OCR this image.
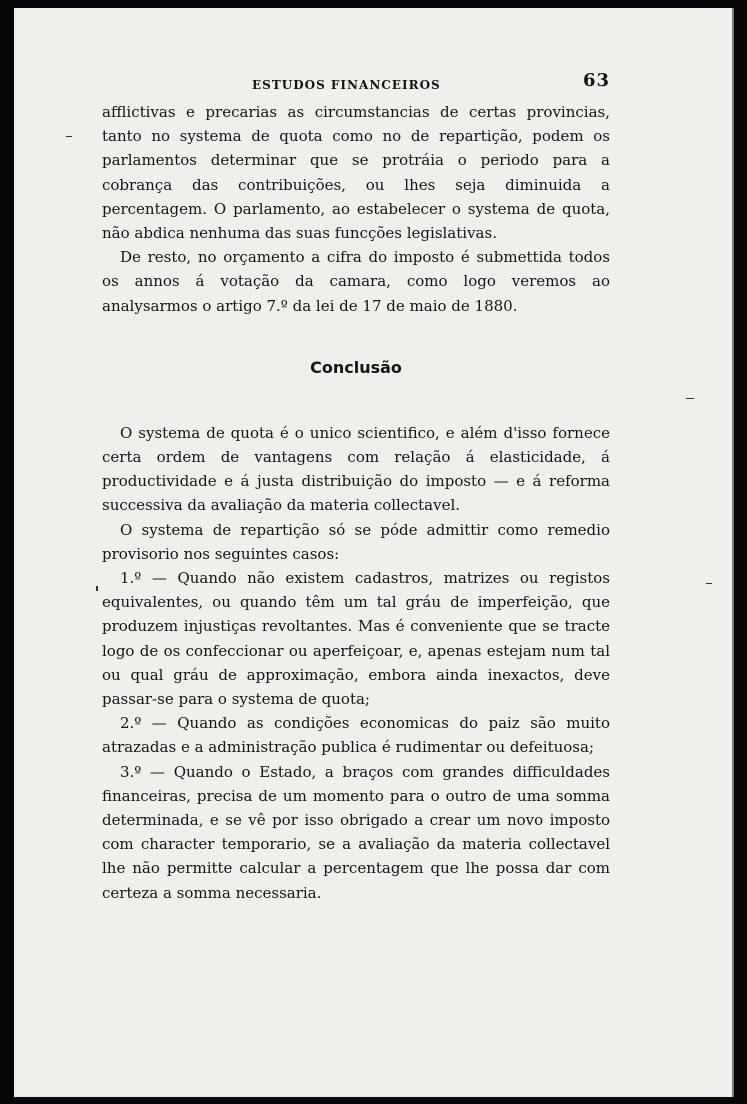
ESTUDOS FINANCEIROS	63

afflictivas e precarias as circumstancias de certas provincias, tanto no systema de quota como no de repartição, podem os parlamentos determinar que se protráia o periodo para a cobrança das contribuições, ou lhes seja diminuida a percentagem. O parlamento, ao estabelecer o systema de quota, não abdica nenhuma das suas funcções legislativas.

De resto, no orçamento a cifra do imposto é submettida todos os annos á votação da camara, como logo veremos ao analysarmos o artigo 7.º da lei de 17 de maio de 1880.

Conclusão

O systema de quota é o unico scientifico, e além d'isso fornece certa ordem de vantagens com relação á elasticidade, á productividade e á justa distribuição do imposto — e á reforma successiva da avaliação da materia collectavel.

O systema de repartição só se póde admittir como remedio provisorio nos seguintes casos:

1.º — Quando não existem cadastros, matrizes ou registos equivalentes, ou quando têm um tal gráu de imperfeição, que produzem injustiças revoltantes. Mas é conveniente que se tracte logo de os confeccionar ou aperfeiçoar, e, apenas estejam num tal ou qual gráu de approximação, embora ainda inexactos, deve passar-se para o systema de quota;

2.º — Quando as condições economicas do paiz são muito atrazadas e a administração publica é rudimentar ou defeituosa;

3.º — Quando o Estado, a braços com grandes difficuldades financeiras, precisa de um momento para o outro de uma somma determinada, e se vê por isso obrigado a crear um novo imposto com character temporario, se a avaliação da materia collectavel lhe não permitte calcular a percentagem que lhe possa dar com certeza a somma necessaria.
